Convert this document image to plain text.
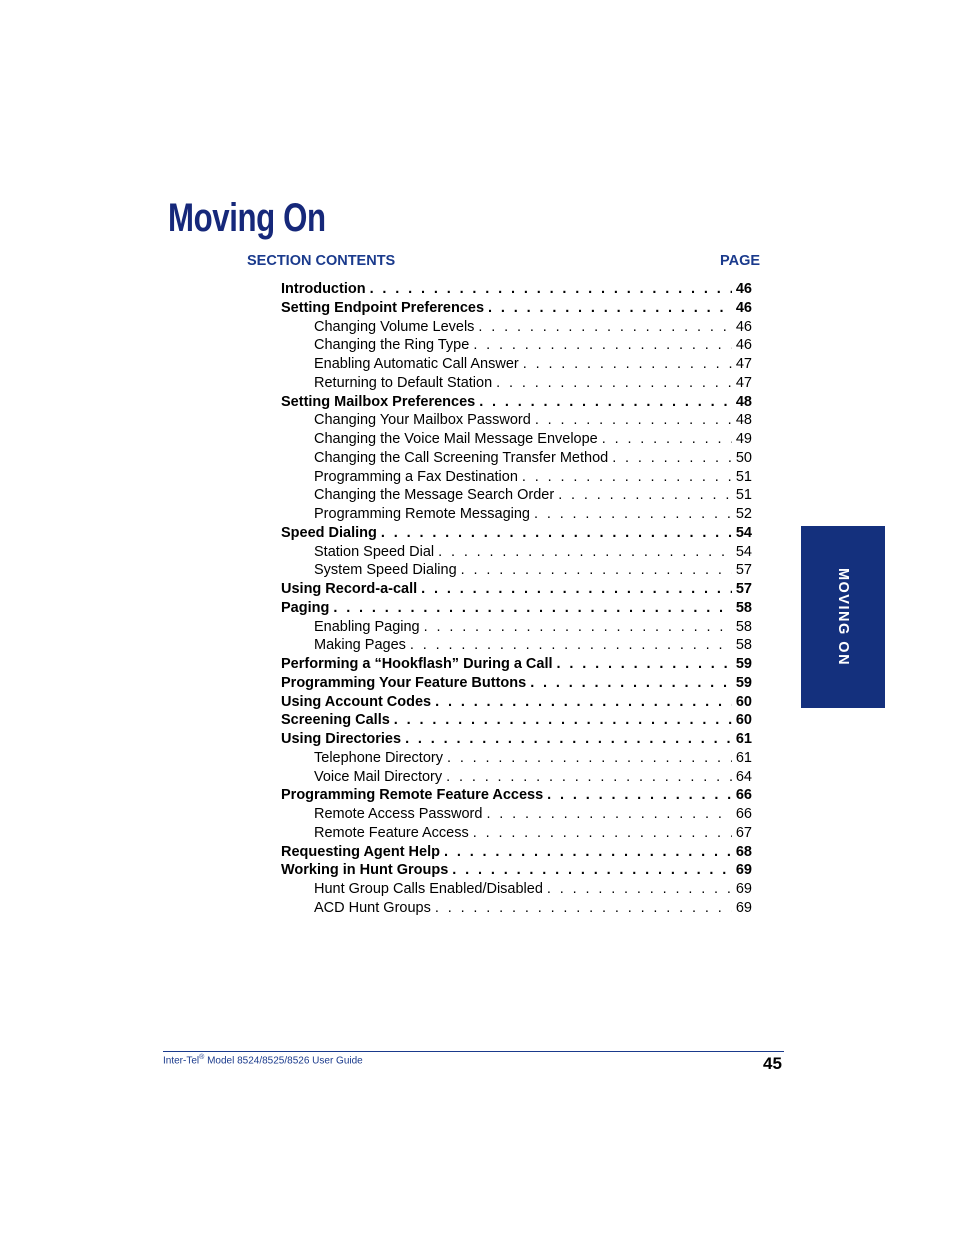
Moving On
SECTION CONTENTS	PAGE
Introduction . . .	46
Setting Endpoint Preferences . . .	46
Changing Volume Levels . . .	46
Changing the Ring Type . . .	46
Enabling Automatic Call Answer . . .	47
Returning to Default Station . . .	47
Setting Mailbox Preferences . . .	48
Changing Your Mailbox Password . . .	48
Changing the Voice Mail Message Envelope . . .	49
Changing the Call Screening Transfer Method . . .	50
Programming a Fax Destination . . .	51
Changing the Message Search Order . . .	51
Programming Remote Messaging . . .	52
Speed Dialing . . .	54
Station Speed Dial . . .	54
System Speed Dialing . . .	57
Using Record-a-call . . .	57
Paging . . .	58
Enabling Paging . . .	58
Making Pages . . .	58
Performing a “Hookflash” During a Call . . .	59
Programming Your Feature Buttons . . .	59
Using Account Codes . . .	60
Screening Calls . . .	60
Using Directories . . .	61
Telephone Directory . . .	61
Voice Mail Directory . . .	64
Programming Remote Feature Access . . .	66
Remote Access Password . . .	66
Remote Feature Access . . .	67
Requesting Agent Help . . .	68
Working in Hunt Groups . . .	69
Hunt Group Calls Enabled/Disabled . . .	69
ACD Hunt Groups . . .	69
MOVING ON
Inter-Tel® Model 8524/8525/8526 User Guide	45
